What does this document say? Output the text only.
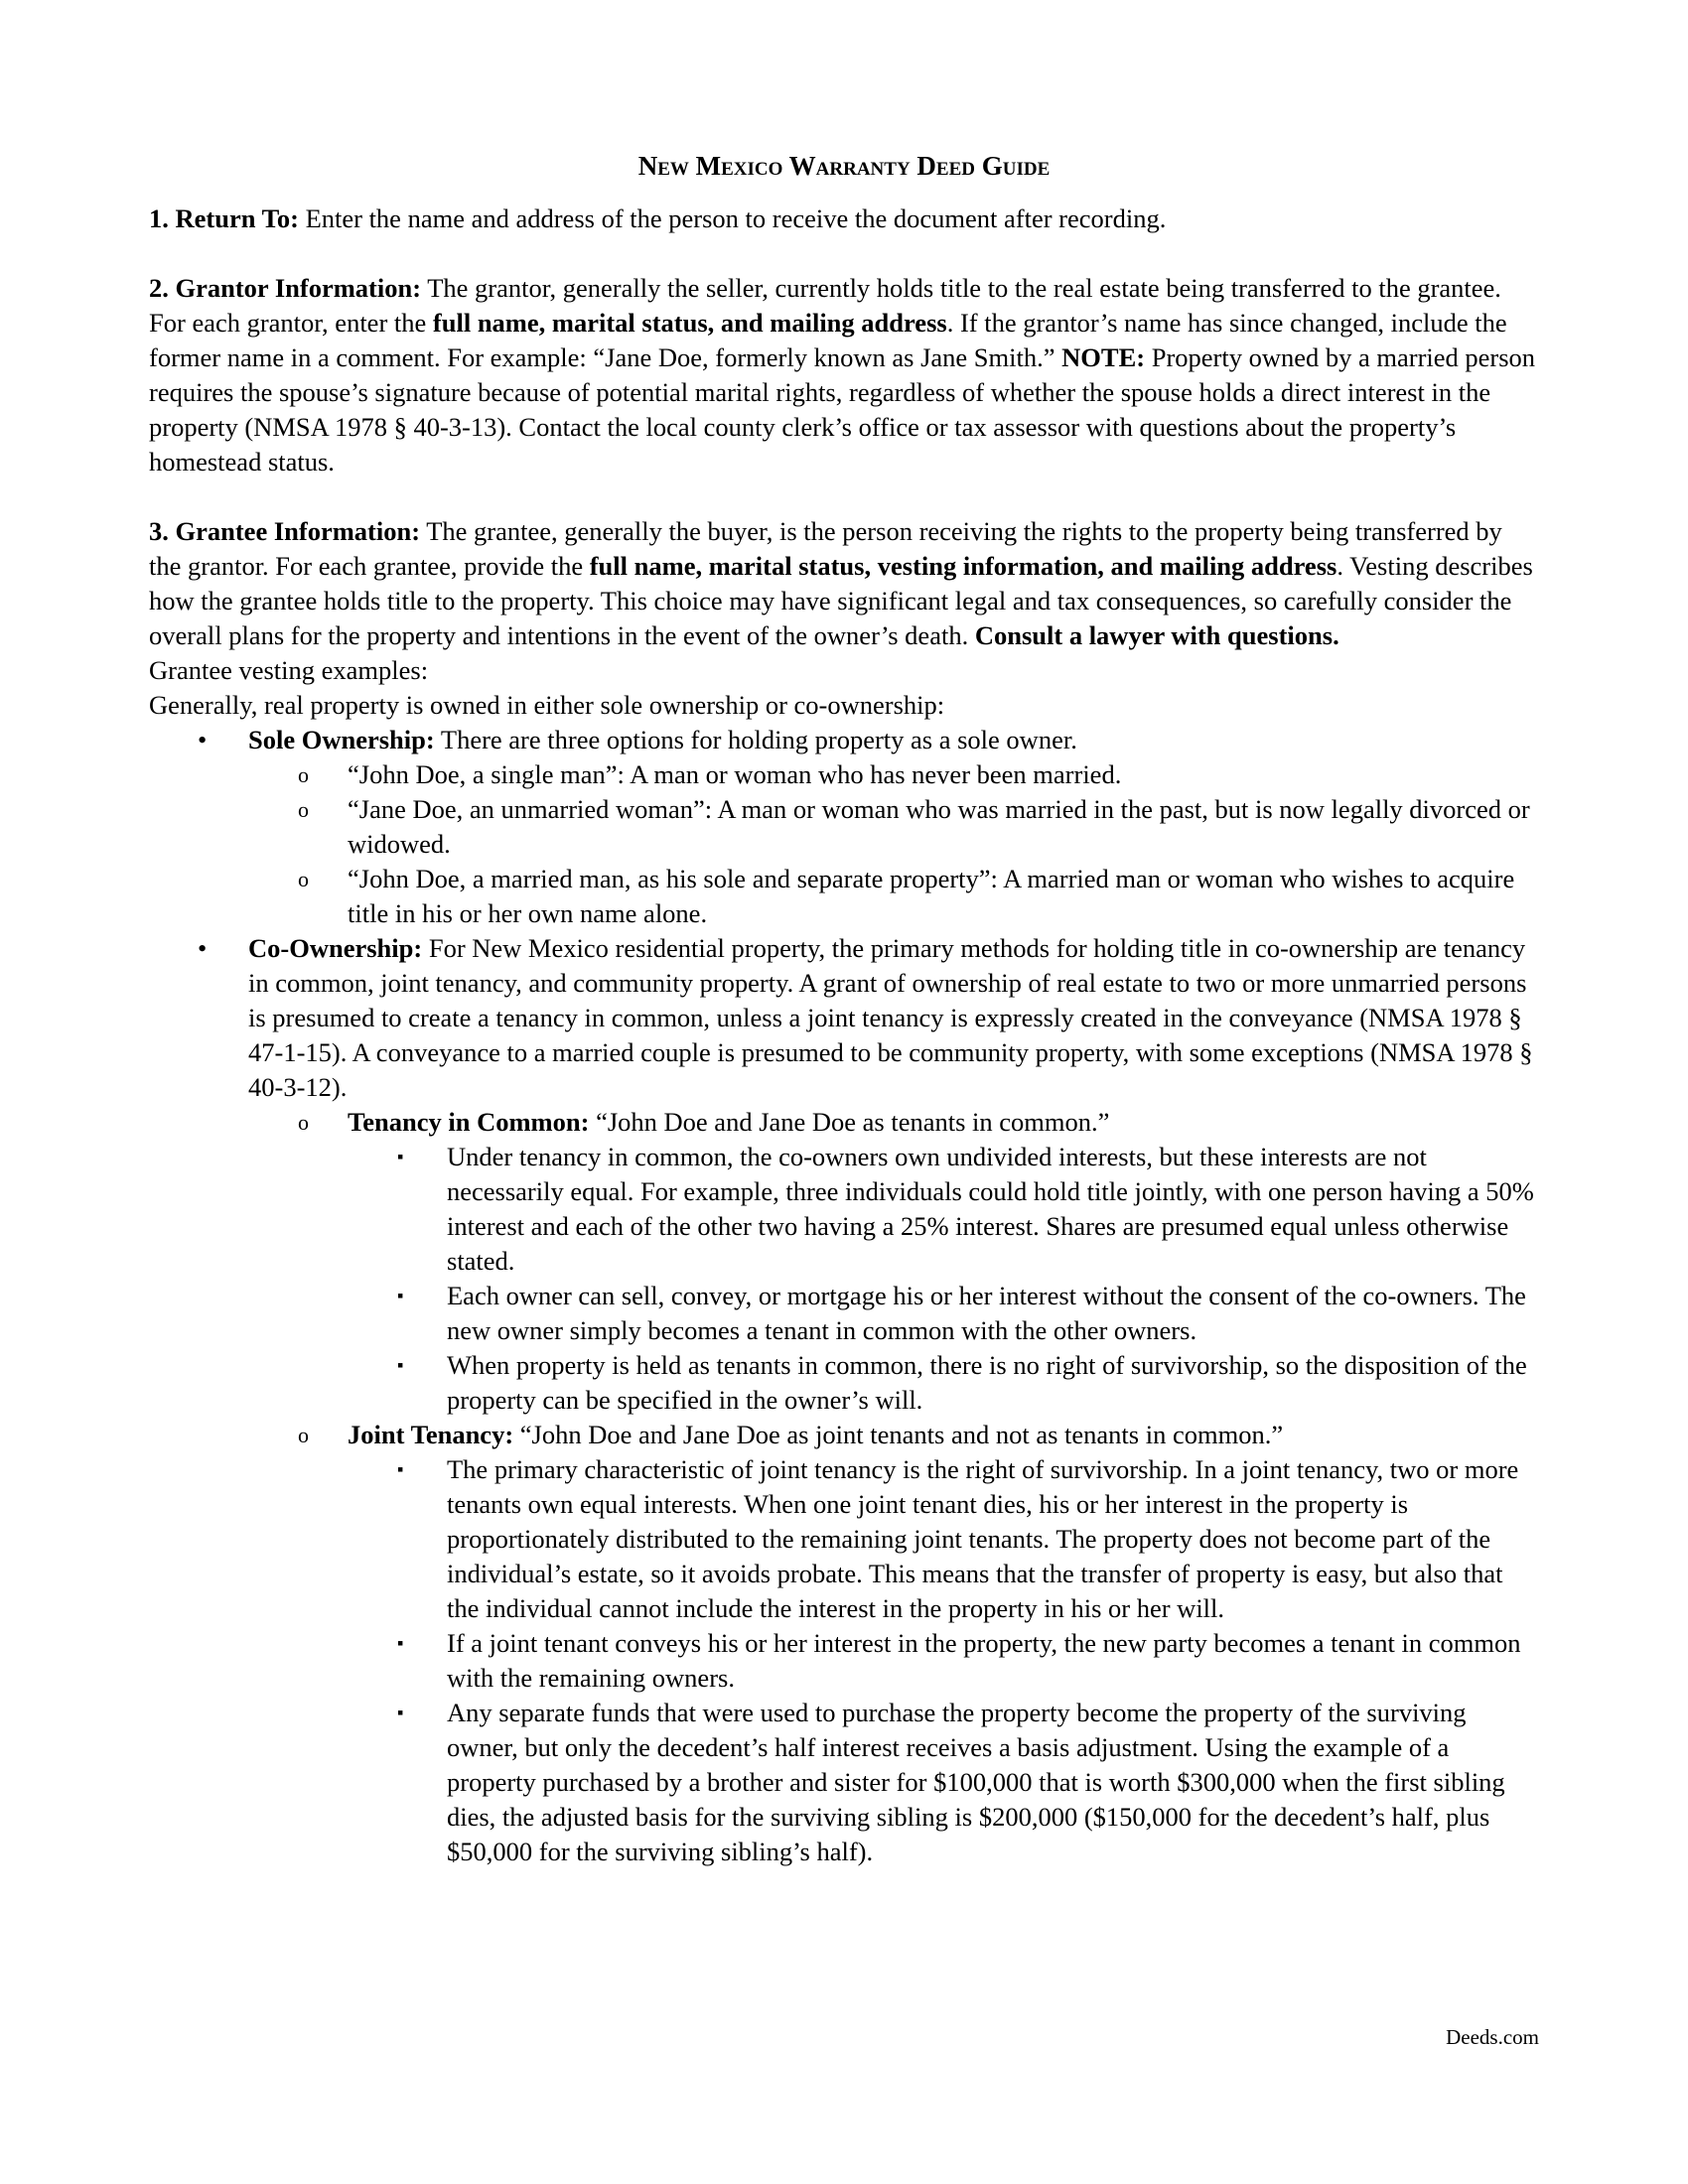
New Mexico Warranty Deed Guide

1. Return To: Enter the name and address of the person to receive the document after recording.

2. Grantor Information: The grantor, generally the seller, currently holds title to the real estate being transferred to the grantee. For each grantor, enter the full name, marital status, and mailing address. If the grantor’s name has since changed, include the former name in a comment. For example: “Jane Doe, formerly known as Jane Smith.” NOTE: Property owned by a married person requires the spouse’s signature because of potential marital rights, regardless of whether the spouse holds a direct interest in the property (NMSA 1978 § 40-3-13). Contact the local county clerk’s office or tax assessor with questions about the property’s homestead status.

3. Grantee Information: The grantee, generally the buyer, is the person receiving the rights to the property being transferred by the grantor. For each grantee, provide the full name, marital status, vesting information, and mailing address. Vesting describes how the grantee holds title to the property. This choice may have significant legal and tax consequences, so carefully consider the overall plans for the property and intentions in the event of the owner’s death. Consult a lawyer with questions.

Grantee vesting examples:

Generally, real property is owned in either sole ownership or co-ownership:

• Sole Ownership: There are three options for holding property as a sole owner.
o “John Doe, a single man”: A man or woman who has never been married.
o “Jane Doe, an unmarried woman”: A man or woman who was married in the past, but is now legally divorced or widowed.
o “John Doe, a married man, as his sole and separate property”: A married man or woman who wishes to acquire title in his or her own name alone.
• Co-Ownership: For New Mexico residential property, the primary methods for holding title in co-ownership are tenancy in common, joint tenancy, and community property. A grant of ownership of real estate to two or more unmarried persons is presumed to create a tenancy in common, unless a joint tenancy is expressly created in the conveyance (NMSA 1978 § 47-1-15). A conveyance to a married couple is presumed to be community property, with some exceptions (NMSA 1978 § 40-3-12).
o Tenancy in Common: “John Doe and Jane Doe as tenants in common.”
▪ Under tenancy in common, the co-owners own undivided interests, but these interests are not necessarily equal. For example, three individuals could hold title jointly, with one person having a 50% interest and each of the other two having a 25% interest. Shares are presumed equal unless otherwise stated.
▪ Each owner can sell, convey, or mortgage his or her interest without the consent of the co-owners. The new owner simply becomes a tenant in common with the other owners.
▪ When property is held as tenants in common, there is no right of survivorship, so the disposition of the property can be specified in the owner’s will.
o Joint Tenancy: “John Doe and Jane Doe as joint tenants and not as tenants in common.”
▪ The primary characteristic of joint tenancy is the right of survivorship. In a joint tenancy, two or more tenants own equal interests. When one joint tenant dies, his or her interest in the property is proportionately distributed to the remaining joint tenants. The property does not become part of the individual’s estate, so it avoids probate. This means that the transfer of property is easy, but also that the individual cannot include the interest in the property in his or her will.
▪ If a joint tenant conveys his or her interest in the property, the new party becomes a tenant in common with the remaining owners.
▪ Any separate funds that were used to purchase the property become the property of the surviving owner, but only the decedent’s half interest receives a basis adjustment. Using the example of a property purchased by a brother and sister for $100,000 that is worth $300,000 when the first sibling dies, the adjusted basis for the surviving sibling is $200,000 ($150,000 for the decedent’s half, plus $50,000 for the surviving sibling’s half).
Deeds.com
